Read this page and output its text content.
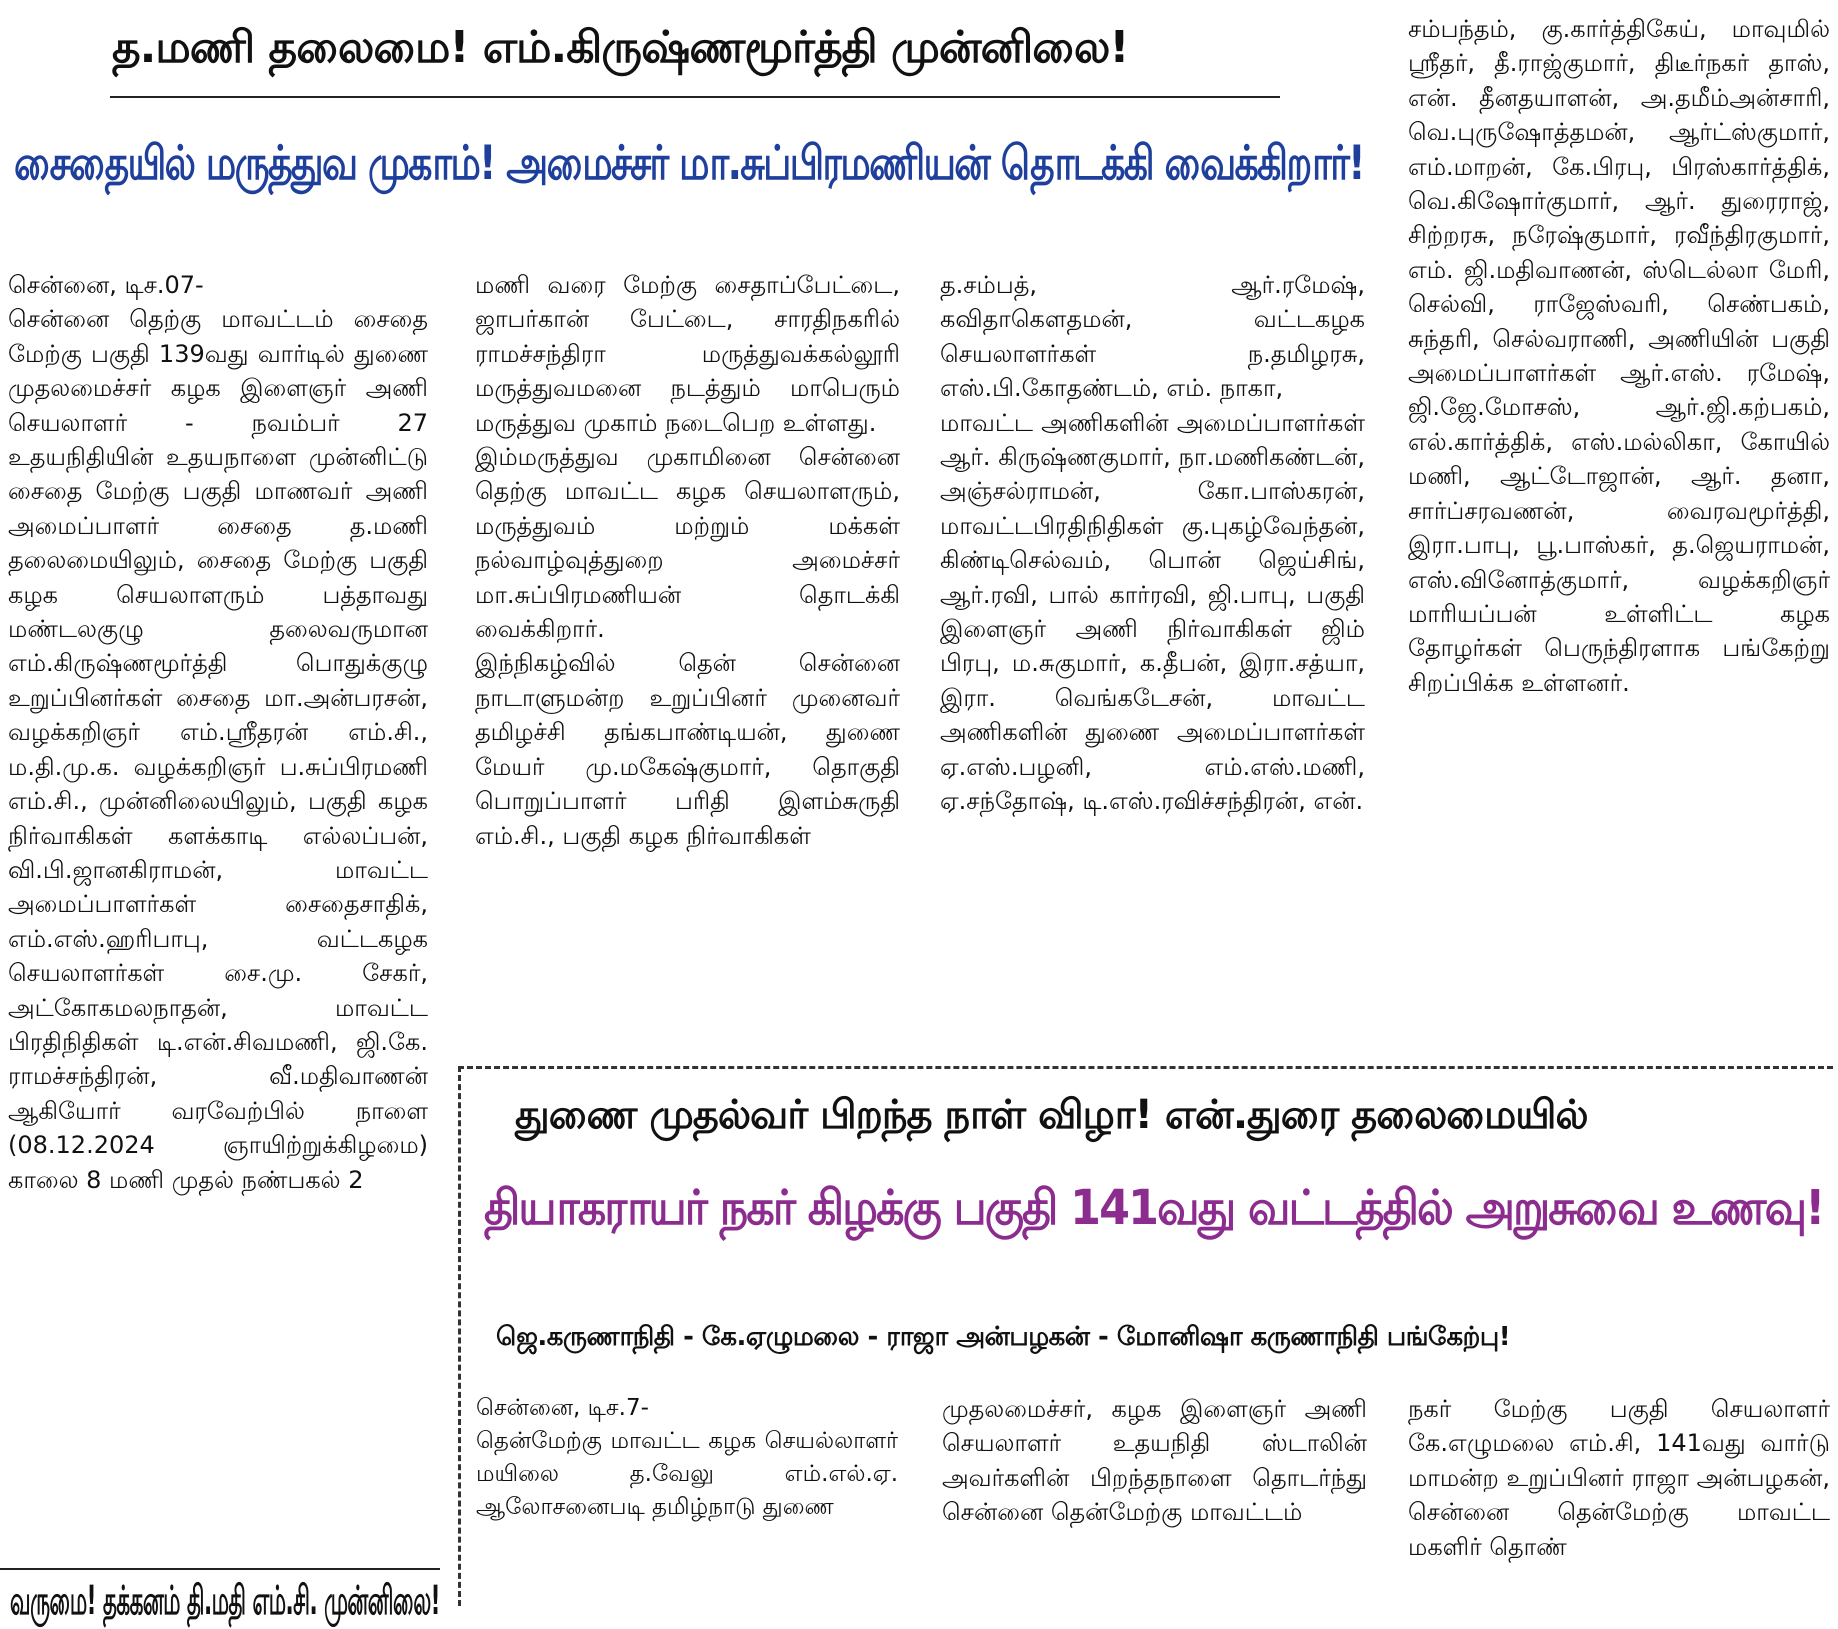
த.மணி தலைமை! எம்.கிருஷ்ணமூர்த்தி முன்னிலை!
சைதையில் மருத்துவ முகாம்! அமைச்சர் மா.சுப்பிரமணியன் தொடக்கி வைக்கிறார்!
சென்னை, டிச.07-
சென்னை தெற்கு மாவட்டம் சைதை மேற்கு பகுதி 139வது வார்டில் துணை முதலமைச்சர் கழக இளைஞர் அணி செயலாளர் - நவம்பர் 27 உதயநிதியின் உதயநாளை முன்னிட்டு சைதை மேற்கு பகுதி மாணவர் அணி அமைப்பாளர் சைதை த.மணி தலைமையிலும், சைதை மேற்கு பகுதி கழக செயலாளரும் பத்தாவது மண்டலகுழு தலைவருமான எம்.கிருஷ்ணமூர்த்தி பொதுக்குழு உறுப்பினர்கள் சைதை மா.அன்பரசன், வழக்கறிஞர் எம்.ஸ்ரீதரன் எம்.சி., ம.தி.மு.க. வழக்கறிஞர் ப.சுப்பிரமணி எம்.சி., முன்னிலையிலும், பகுதி கழக நிர்வாகிகள் களக்காடி எல்லப்பன், வி.பி.ஜானகிராமன், மாவட்ட அமைப்பாளர்கள் சைதைசாதிக், எம்.எஸ்.ஹரிபாபு, வட்டகழக செயலாளர்கள் சை.மு. சேகர், அட்கோகமலநாதன், மாவட்ட பிரதிநிதிகள் டி.என்.சிவமணி, ஜி.கே. ராமச்சந்திரன், வீ.மதிவாணன் ஆகியோர் வரவேற்பில் நாளை (08.12.2024 ஞாயிற்றுக்கிழமை) காலை 8 மணி முதல் நண்பகல் 2
மணி வரை மேற்கு சைதாப்பேட்டை, ஜாபர்கான் பேட்டை, சாரதிநகரில் ராமச்சந்திரா மருத்துவக்கல்லூரி மருத்துவமனை நடத்தும் மாபெரும் மருத்துவ முகாம் நடைபெற உள்ளது.
இம்மருத்துவ முகாமினை சென்னை தெற்கு மாவட்ட கழக செயலாளரும், மருத்துவம் மற்றும் மக்கள் நல்வாழ்வுத்துறை அமைச்சர் மா.சுப்பிரமணியன் தொடக்கி வைக்கிறார்.
இந்நிகழ்வில் தென் சென்னை நாடாளுமன்ற உறுப்பினர் முனைவர் தமிழச்சி தங்கபாண்டியன், துணை மேயர் மு.மகேஷ்குமார், தொகுதி பொறுப்பாளர் பரிதி இளம்சுருதி எம்.சி., பகுதி கழக நிர்வாகிகள்
த.சம்பத், ஆர்.ரமேஷ், கவிதாகௌதமன், வட்டகழக செயலாளர்கள் ந.தமிழரசு, எஸ்.பி.கோதண்டம், எம். நாகா,
மாவட்ட அணிகளின் அமைப்பாளர்கள் ஆர். கிருஷ்ணகுமார், நா.மணிகண்டன், அஞ்சல்ராமன், கோ.பாஸ்கரன், மாவட்டபிரதிநிதிகள் கு.புகழ்வேந்தன், கிண்டிசெல்வம், பொன் ஜெய்சிங், ஆர்.ரவி, பால் கார்ரவி, ஜி.பாபு, பகுதி இளைஞர் அணி நிர்வாகிகள் ஜிம் பிரபு, ம.சுகுமார், க.தீபன், இரா.சத்யா, இரா. வெங்கடேசன், மாவட்ட அணிகளின் துணை அமைப்பாளர்கள் ஏ.எஸ்.பழனி, எம்.எஸ்.மணி, ஏ.சந்தோஷ், டி.எஸ்.ரவிச்சந்திரன், என்.
சம்பந்தம், கு.கார்த்திகேய், மாவுமில் ஸ்ரீதர், தீ.ராஜ்குமார், திடீர்நகர் தாஸ், என். தீனதயாளன், அ.தமீம்அன்சாரி, வெ.புருஷோத்தமன், ஆர்ட்ஸ்குமார், எம்.மாறன், கே.பிரபு, பிரஸ்கார்த்திக், வெ.கிஷோர்குமார், ஆர். துரைராஜ், சிற்றரசு, நரேஷ்குமார், ரவீந்திரகுமார், எம். ஜி.மதிவாணன், ஸ்டெல்லா மேரி, செல்வி, ராஜேஸ்வரி, செண்பகம், சுந்தரி, செல்வராணி, அணியின் பகுதி அமைப்பாளர்கள் ஆர்.எஸ். ரமேஷ், ஜி.ஜே.மோசஸ், ஆர்.ஜி.கற்பகம், எல்.கார்த்திக், எஸ்.மல்லிகா, கோயில் மணி, ஆட்டோஜான், ஆர். தனா, சார்ப்சரவணன், வைரவமூர்த்தி, இரா.பாபு, பூ.பாஸ்கர், த.ஜெயராமன், எஸ்.வினோத்குமார், வழக்கறிஞர் மாரியப்பன் உள்ளிட்ட கழக தோழர்கள் பெருந்திரளாக பங்கேற்று சிறப்பிக்க உள்ளனர்.
துணை முதல்வர் பிறந்த நாள் விழா! என்.துரை தலைமையில்
தியாகராயர் நகர் கிழக்கு பகுதி 141வது வட்டத்தில் அறுசுவை உணவு!
ஜெ.கருணாநிதி - கே.ஏழுமலை - ராஜா அன்பழகன் - மோனிஷா கருணாநிதி பங்கேற்பு!
சென்னை, டிச.7-
தென்மேற்கு மாவட்ட கழக செயல்லாளர் மயிலை த.வேலு எம்.எல்.ஏ. ஆலோசனைபடி தமிழ்நாடு துணை
முதலமைச்சர், கழக இளைஞர் அணி செயலாளர் உதயநிதி ஸ்டாலின் அவர்களின் பிறந்தநாளை தொடர்ந்து சென்னை தென்மேற்கு மாவட்டம்
நகர் மேற்கு பகுதி செயலாளர் கே.எழுமலை எம்.சி, 141வது வார்டு மாமன்ற உறுப்பினர் ராஜா அன்பழகன், சென்னை தென்மேற்கு மாவட்ட மகளிர் தொண்
வருமை! தக்கனம் தி.மதி எம்.சி. முன்னிலை!
